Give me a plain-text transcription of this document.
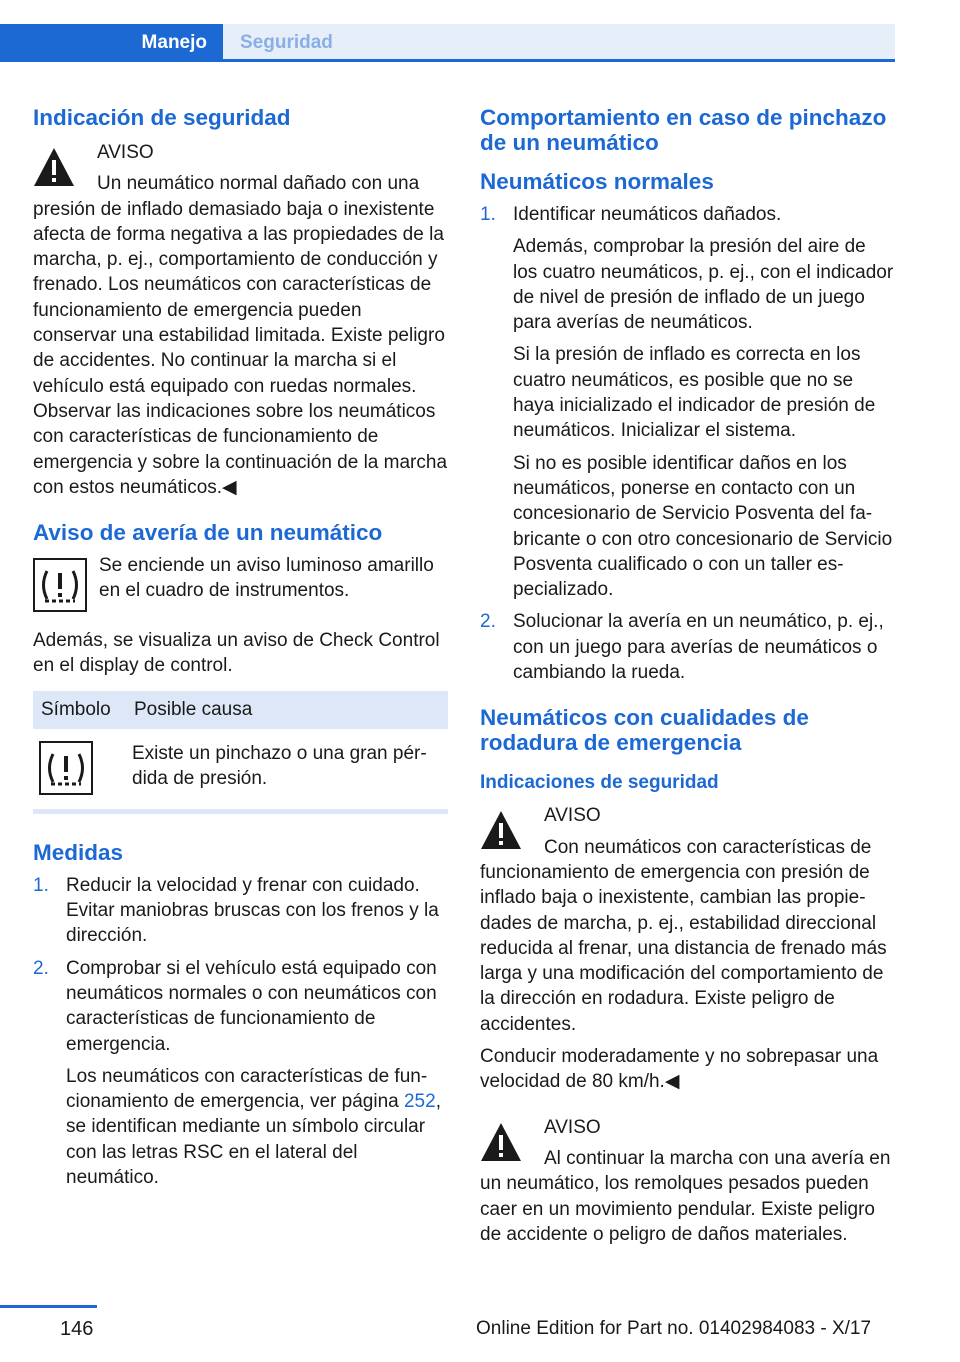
Manejo Seguridad
Indicación de seguridad

AVISO

Un neumático normal dañado con una presión de inflado demasiado baja o inexistente afecta de forma negativa a las propiedades de la marcha, p. ej., comportamiento de conducción y frenado. Los neumáticos con características de funcionamiento de emergencia pueden conservar una estabilidad limitada. Existe peligro de accidentes. No continuar la marcha si el vehículo está equipado con ruedas normales. Observar las indicaciones sobre los neumáticos con características de funcionamiento de emergencia y sobre la continuación de la marcha con estos neumáticos.◀

Aviso de avería de un neumático

Se enciende un aviso luminoso amarillo en el cuadro de instrumentos.

Además, se visualiza un aviso de Check Control en el display de control.

Símbolo	Posible causa

	Existe un pinchazo o una gran pérdida de presión.
Medidas
1. Reducir la velocidad y frenar con cuidado. Evitar maniobras bruscas con los frenos y la dirección.

2. Comprobar si el vehículo está equipado con neumáticos normales o con neumáticos con características de funcionamiento de emergencia.

Los neumáticos con características de funcionamiento de emergencia, ver página 252, se identifican mediante un símbolo circular con las letras RSC en el lateral del neumático.

Comportamiento en caso de pinchazo de un neumático
Neumáticos normales
1. Identificar neumáticos dañados.

Además, comprobar la presión del aire de los cuatro neumáticos, p. ej., con el indicador de nivel de presión de inflado de un juego para averías de neumáticos.

Si la presión de inflado es correcta en los cuatro neumáticos, es posible que no se haya inicializado el indicador de presión de neumáticos. Inicializar el sistema.

Si no es posible identificar daños en los neumáticos, ponerse en contacto con un concesionario de Servicio Posventa del fabricante o con otro concesionario de Servicio Posventa cualificado o con un taller especializado.

2. Solucionar la avería en un neumático, p. ej., con un juego para averías de neumáticos o cambiando la rueda.

Neumáticos con cualidades de rodadura de emergencia
Indicaciones de seguridad

AVISO

Con neumáticos con características de funcionamiento de emergencia con presión de inflado baja o inexistente, cambian las propiedades de marcha, p. ej., estabilidad direccional reducida al frenar, una distancia de frenado más larga y una modificación del comportamiento de la dirección en rodadura. Existe peligro de accidentes.

Conducir moderadamente y no sobrepasar una velocidad de 80 km/h.◀

AVISO

Al continuar la marcha con una avería en un neumático, los remolques pesados pueden caer en un movimiento pendular. Existe peligro de accidente o peligro de daños materiales.

146	Online Edition for Part no. 01402984083 - X/17
